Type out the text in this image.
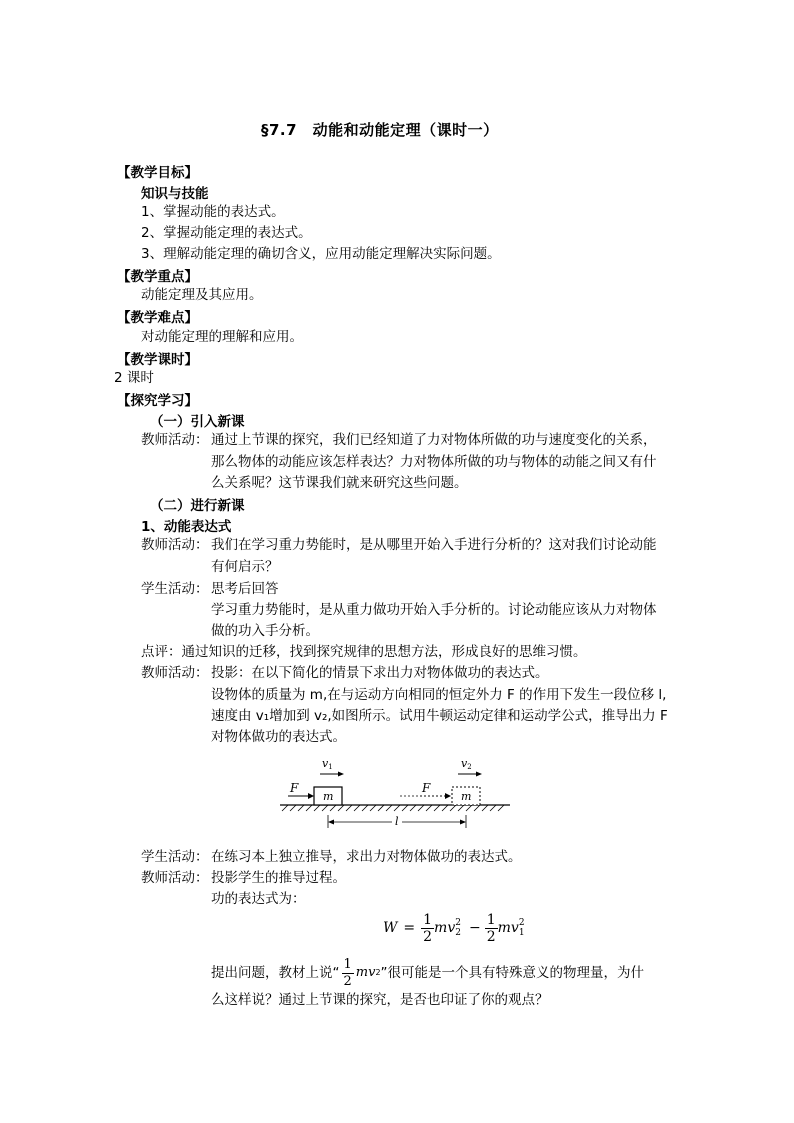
§7.7　动能和动能定理（课时一）
【教学目标】
知识与技能
1、掌握动能的表达式。
2、掌握动能定理的表达式。
3、理解动能定理的确切含义，应用动能定理解决实际问题。
【教学重点】
动能定理及其应用。
【教学难点】
对动能定理的理解和应用。
【教学课时】
2 课时
【探究学习】
（一）引入新课
教师活动： 通过上节课的探究，我们已经知道了力对物体所做的功与速度变化的关系，
那么物体的动能应该怎样表达？力对物体所做的功与物体的动能之间又有什
么关系呢？这节课我们就来研究这些问题。
（二）进行新课
1、动能表达式
教师活动： 我们在学习重力势能时，是从哪里开始入手进行分析的？这对我们讨论动能
有何启示？
学生活动： 思考后回答
学习重力势能时，是从重力做功开始入手分析的。讨论动能应该从力对物体
做的功入手分析。
点评：通过知识的迁移，找到探究规律的思想方法，形成良好的思维习惯。
教师活动： 投影：在以下简化的情景下求出力对物体做功的表达式。
设物体的质量为 m,在与运动方向相同的恒定外力 F 的作用下发生一段位移 l,
速度由 v₁增加到 v₂,如图所示。试用牛顿运动定律和运动学公式，推导出力 F
对物体做功的表达式。
m
F
v1
m
F
v2
l
学生活动： 在练习本上独立推导，求出力对物体做功的表达式。
教师活动： 投影学生的推导过程。
功的表达式为：
$W = \frac{1}{2}$ mv 2
$2 - \frac{1}{2}$ mv 2
1
提出问题，教材上说“ $\frac{1}{2}$ mv 2 ”很可能是一个具有特殊意义的物理量，为什
么这样说？通过上节课的探究，是否也印证了你的观点？
